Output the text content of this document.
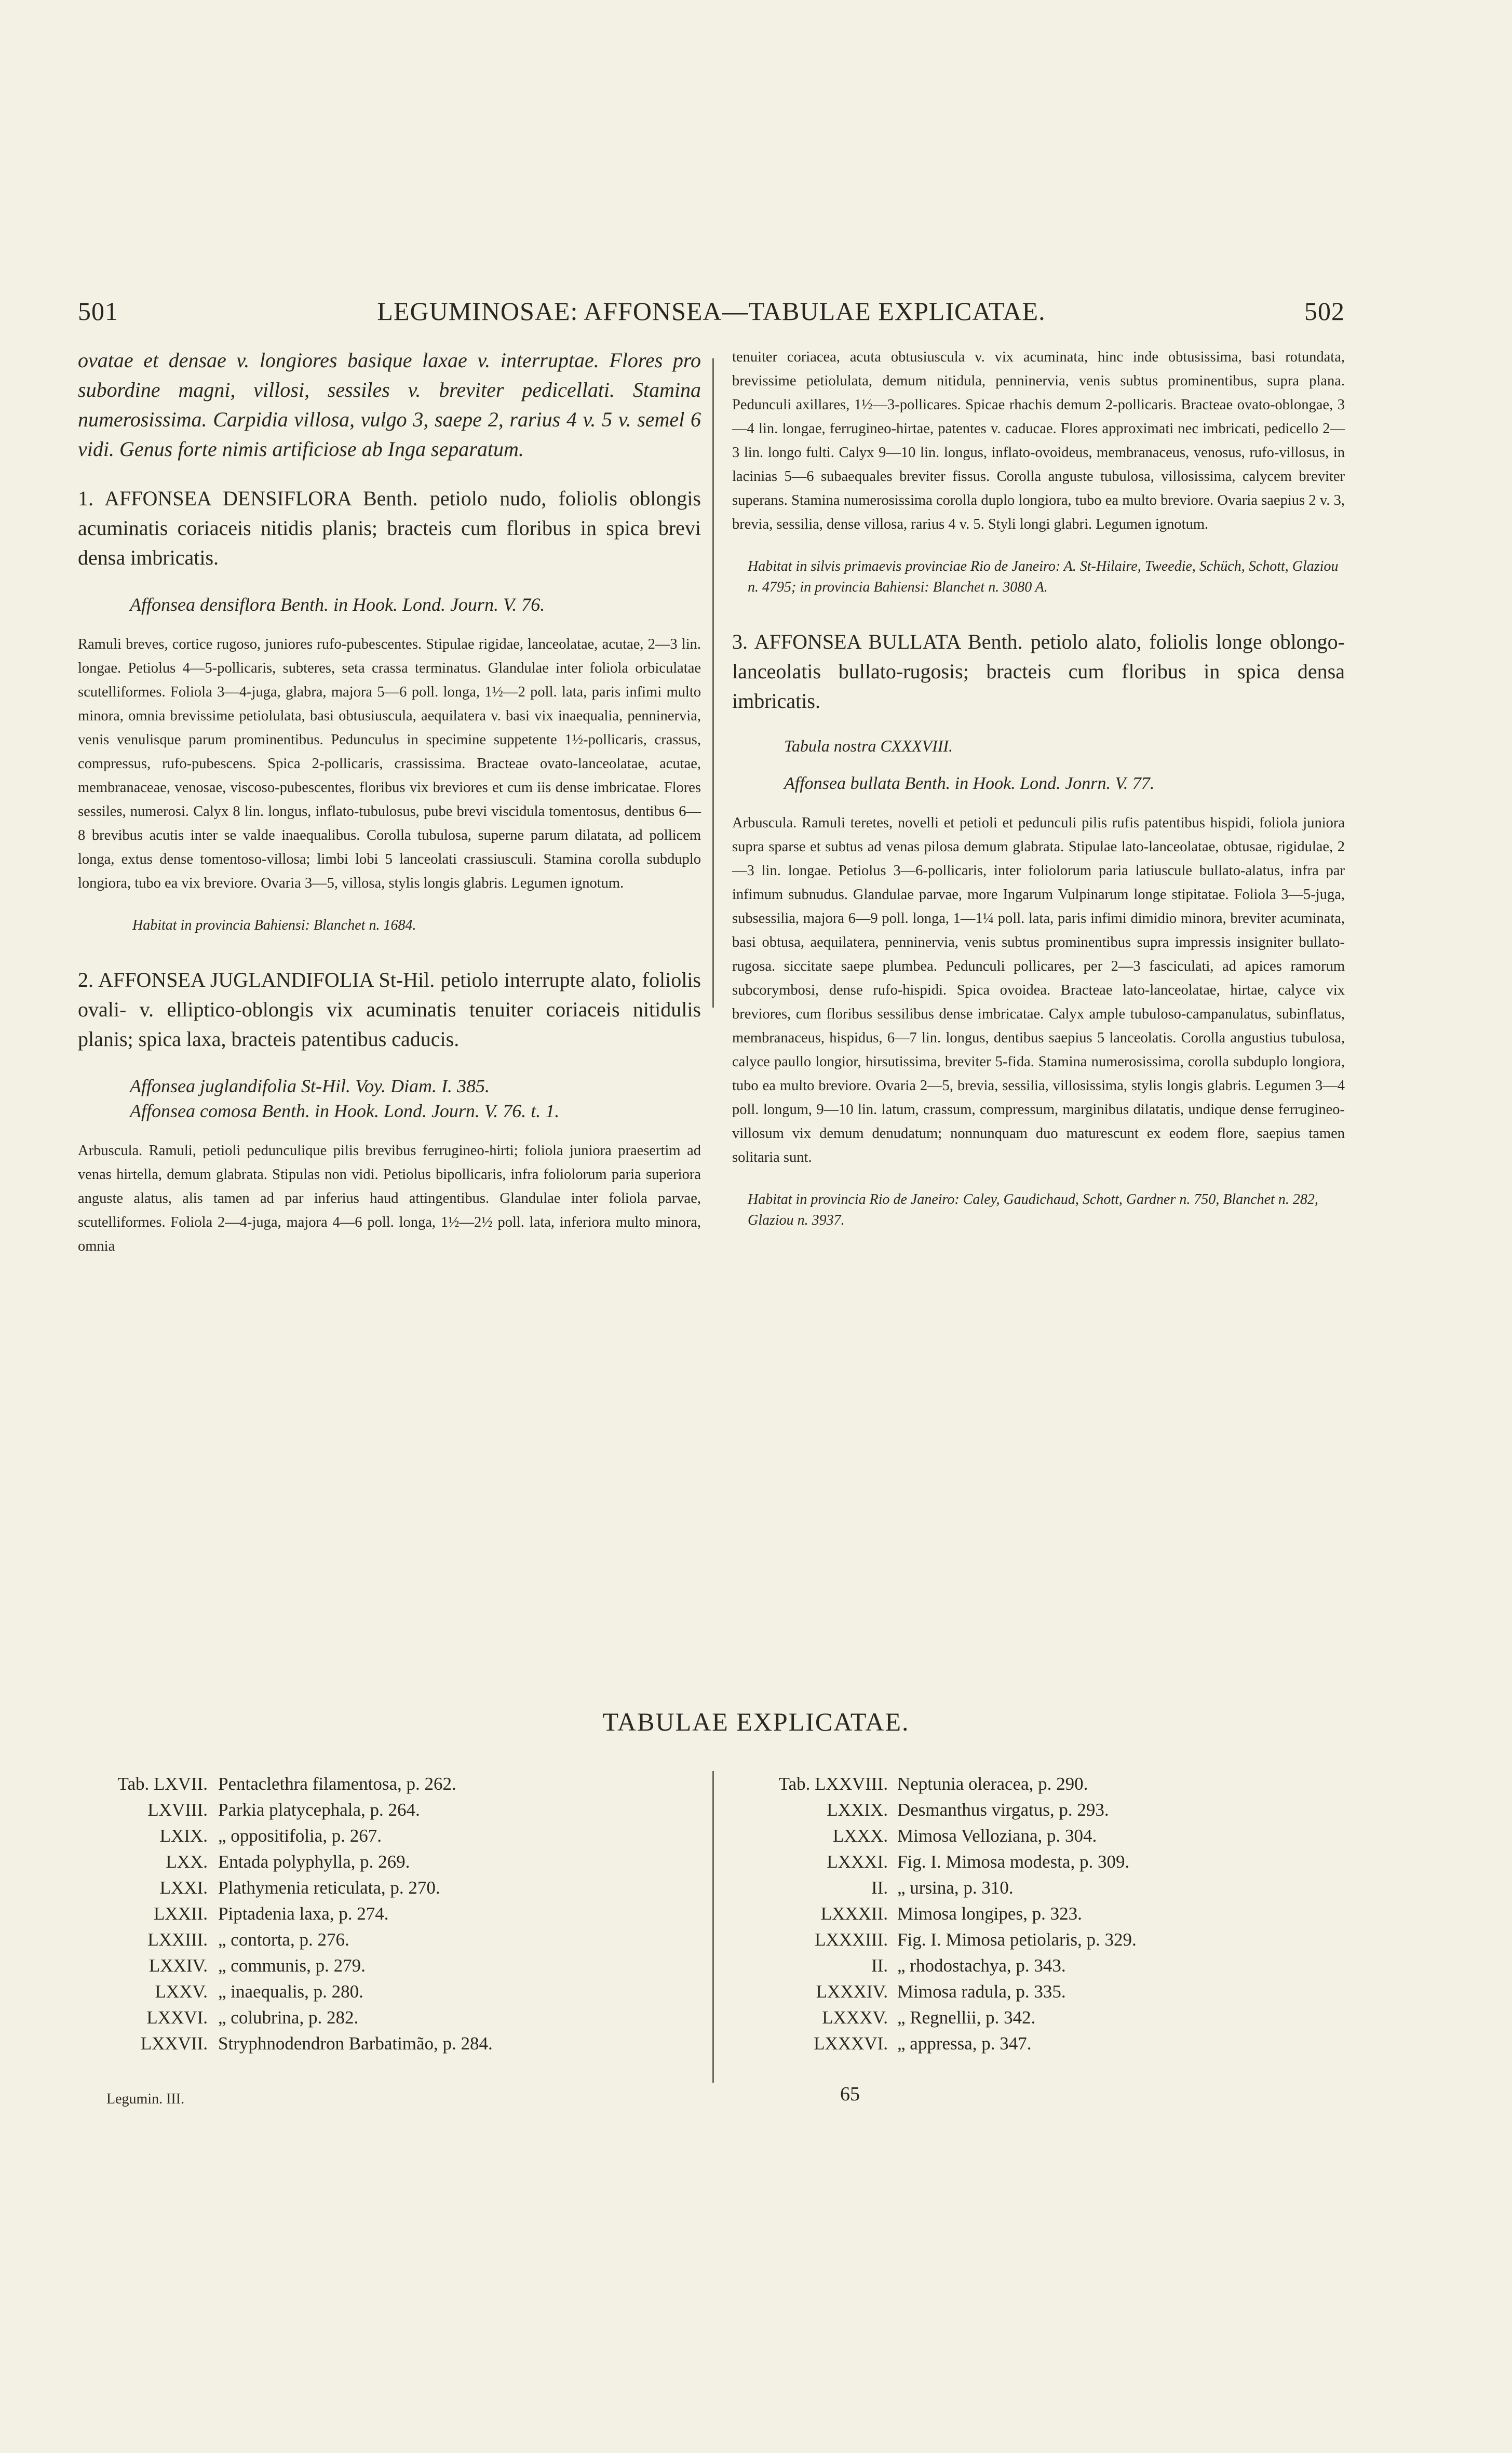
LEGUMINOSAE: AFFONSEA—TABULAE EXPLICATAE.
501	502

ovatae et densae v. longiores basique laxae v. interruptae. Flores pro subordine magni, villosi, sessiles v. breviter pedicellati. Stamina numerosissima. Carpidia villosa, vulgo 3, saepe 2, rarius 4 v. 5 v. semel 6 vidi. Genus forte nimis artificiose ab Inga separatum.

1. AFFONSEA DENSIFLORA Benth. petiolo nudo, foliolis oblongis acuminatis coriaceis nitidis planis; bracteis cum floribus in spica brevi densa imbricatis.

Affonsea densiflora Benth. in Hook. Lond. Journ. V. 76.

Ramuli breves, cortice rugoso, juniores rufo-pubescentes. Stipulae rigidae, lanceolatae, acutae, 2—3 lin. longae. Petiolus 4—5-pollicaris, subteres, seta crassa terminatus. Glandulae inter foliola orbiculatae scutelliformes. Foliola 3—4-juga, glabra, majora 5—6 poll. longa, 1½—2 poll. lata, paris infimi multo minora, omnia brevissime petiolulata, basi obtusiuscula, aequilatera v. basi vix inaequalia, penninervia, venis venulisque parum prominentibus. Pedunculus in specimine suppetente 1½-pollicaris, crassus, compressus, rufo-pubescens. Spica 2-pollicaris, crassissima. Bracteae ovato-lanceolatae, acutae, membranaceae, venosae, viscoso-pubescentes, floribus vix breviores et cum iis dense imbricatae. Flores sessiles, numerosi. Calyx 8 lin. longus, inflato-tubulosus, pube brevi viscidula tomentosus, dentibus 6—8 brevibus acutis inter se valde inaequalibus. Corolla tubulosa, superne parum dilatata, ad pollicem longa, extus dense tomentoso-villosa; limbi lobi 5 lanceolati crassiusculi. Stamina corolla subduplo longiora, tubo ea vix breviore. Ovaria 3—5, villosa, stylis longis glabris. Legumen ignotum.

Habitat in provincia Bahiensi: Blanchet n. 1684.

2. AFFONSEA JUGLANDIFOLIA St-Hil. petiolo interrupte alato, foliolis ovali- v. elliptico-oblongis vix acuminatis tenuiter coriaceis nitidulis planis; spica laxa, bracteis patentibus caducis.

Affonsea juglandifolia St-Hil. Voy. Diam. I. 385.

Affonsea comosa Benth. in Hook. Lond. Journ. V. 76. t. 1.

Arbuscula. Ramuli, petioli pedunculique pilis brevibus ferrugineo-hirti; foliola juniora praesertim ad venas hirtella, demum glabrata. Stipulas non vidi. Petiolus bipollicaris, infra foliolorum paria superiora anguste alatus, alis tamen ad par inferius haud attingentibus. Glandulae inter foliola parvae, scutelliformes. Foliola 2—4-juga, majora 4—6 poll. longa, 1½—2½ poll. lata, inferiora multo minora, omnia

tenuiter coriacea, acuta obtusiuscula v. vix acuminata, hinc inde obtusissima, basi rotundata, brevissime petiolulata, demum nitidula, penninervia, venis subtus prominentibus, supra plana. Pedunculi axillares, 1½—3-pollicares. Spicae rhachis demum 2-pollicaris. Bracteae ovato-oblongae, 3—4 lin. longae, ferrugineo-hirtae, patentes v. caducae. Flores approximati nec imbricati, pedicello 2—3 lin. longo fulti. Calyx 9—10 lin. longus, inflato-ovoideus, membranaceus, venosus, rufo-villosus, in lacinias 5—6 subaequales breviter fissus. Corolla anguste tubulosa, villosissima, calycem breviter superans. Stamina numerosissima corolla duplo longiora, tubo ea multo breviore. Ovaria saepius 2 v. 3, brevia, sessilia, dense villosa, rarius 4 v. 5. Styli longi glabri. Legumen ignotum.

Habitat in silvis primaevis provinciae Rio de Janeiro: A. St-Hilaire, Tweedie, Schüch, Schott, Glaziou n. 4795; in provincia Bahiensi: Blanchet n. 3080 A.

3. AFFONSEA BULLATA Benth. petiolo alato, foliolis longe oblongo-lanceolatis bullato-rugosis; bracteis cum floribus in spica densa imbricatis.

Tabula nostra CXXXVIII.

Affonsea bullata Benth. in Hook. Lond. Jonrn. V. 77.

Arbuscula. Ramuli teretes, novelli et petioli et pedunculi pilis rufis patentibus hispidi, foliola juniora supra sparse et subtus ad venas pilosa demum glabrata. Stipulae lato-lanceolatae, obtusae, rigidulae, 2—3 lin. longae. Petiolus 3—6-pollicaris, inter foliolorum paria latiuscule bullato-alatus, infra par infimum subnudus. Glandulae parvae, more Ingarum Vulpinarum longe stipitatae. Foliola 3—5-juga, subsessilia, majora 6—9 poll. longa, 1—1¼ poll. lata, paris infimi dimidio minora, breviter acuminata, basi obtusa, aequilatera, penninervia, venis subtus prominentibus supra impressis insigniter bullato-rugosa. siccitate saepe plumbea. Pedunculi pollicares, per 2—3 fasciculati, ad apices ramorum subcorymbosi, dense rufo-hispidi. Spica ovoidea. Bracteae lato-lanceolatae, hirtae, calyce vix breviores, cum floribus sessilibus dense imbricatae. Calyx ample tubuloso-campanulatus, subinflatus, membranaceus, hispidus, 6—7 lin. longus, dentibus saepius 5 lanceolatis. Corolla angustius tubulosa, calyce paullo longior, hirsutissima, breviter 5-fida. Stamina numerosissima, corolla subduplo longiora, tubo ea multo breviore. Ovaria 2—5, brevia, sessilia, villosissima, stylis longis glabris. Legumen 3—4 poll. longum, 9—10 lin. latum, crassum, compressum, marginibus dilatatis, undique dense ferrugineo-villosum vix demum denudatum; nonnunquam duo maturescunt ex eodem flore, saepius tamen solitaria sunt.

Habitat in provincia Rio de Janeiro: Caley, Gaudichaud, Schott, Gardner n. 750, Blanchet n. 282, Glaziou n. 3937.

TABULAE EXPLICATAE.
Tab. LXVII. Pentaclethra filamentosa, p. 262.
LXVIII. Parkia platycephala, p. 264.
LXIX. „ oppositifolia, p. 267.
LXX. Entada polyphylla, p. 269.
LXXI. Plathymenia reticulata, p. 270.
LXXII. Piptadenia laxa, p. 274.
LXXIII. „ contorta, p. 276.
LXXIV. „ communis, p. 279.
LXXV. „ inaequalis, p. 280.
LXXVI. „ colubrina, p. 282.
LXXVII. Stryphnodendron Barbatimão, p. 284.
Tab. LXXVIII. Neptunia oleracea, p. 290.
LXXIX. Desmanthus virgatus, p. 293.
LXXX. Mimosa Velloziana, p. 304.
LXXXI. Fig. I. Mimosa modesta, p. 309.
II. „ ursina, p. 310.
LXXXII. Mimosa longipes, p. 323.
LXXXIII. Fig. I. Mimosa petiolaris, p. 329.
II. „ rhodostachya, p. 343.
LXXXIV. Mimosa radula, p. 335.
LXXXV. „ Regnellii, p. 342.
LXXXVI. „ appressa, p. 347.
Legumin. III.	65
